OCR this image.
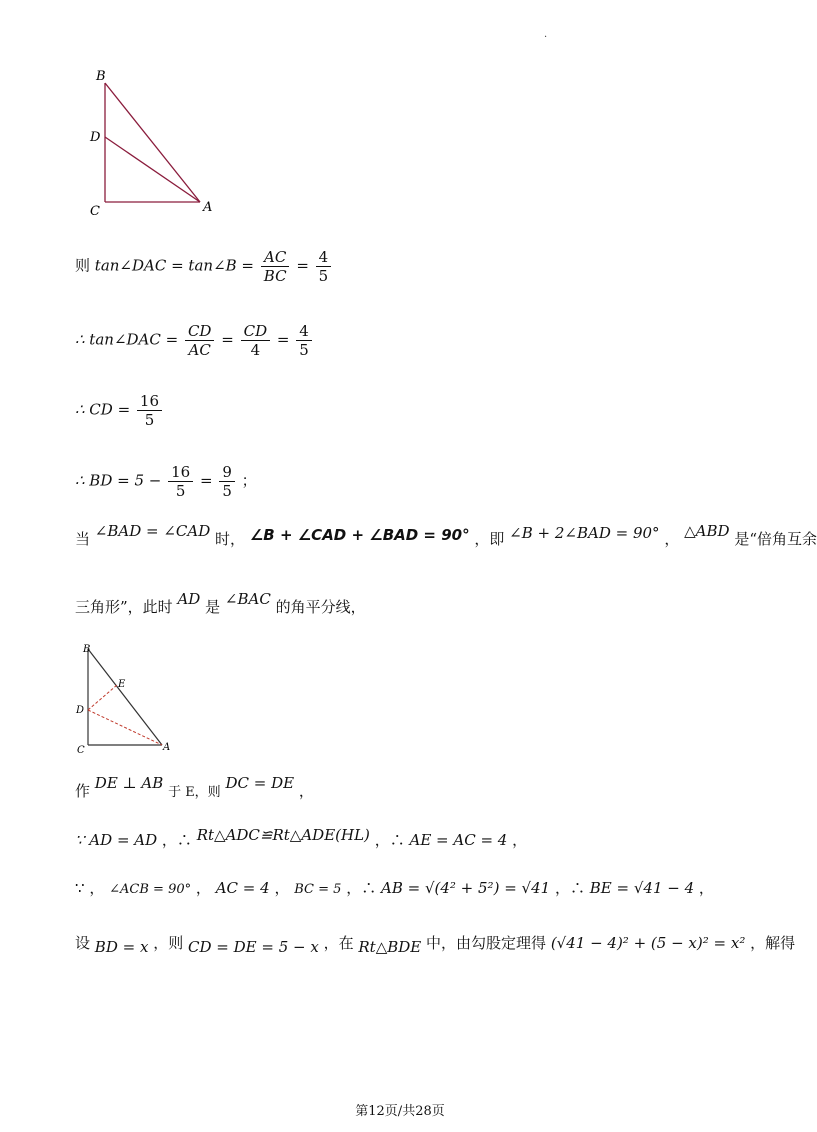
·
B
D
C	A
则 tan∠DAC = tan∠B = $\frac{AC}{BC} = \frac{4}{5}$
∴ tan∠DAC = $\frac{CD}{AC} = \frac{CD}{4} = \frac{4}{5}$
∴ CD = $\frac{16}{5}$
∴ BD = $5 - \frac{16}{5} = \frac{9}{5}$ ；
当 ∠BAD = ∠CAD 时， ∠B + ∠CAD + ∠BAD = 90° ，即 ∠B + 2∠BAD = 90° ， △ABD 是“倍角互余
三角形”，此时 AD 是 ∠BAC 的角平分线，
B
E
D
C	A
作 DE ⊥ AB 于 E，则 DC = DE ，
∵ AD = AD ，∴ Rt△ADC≌Rt△ADE(HL) ，∴ AE = AC = 4 ，
∵ ， ∠ACB = 90° ， AC = 4 ， BC = 5 ，∴ AB = √(4² + 5²) = √41 ，∴ BE = √41 − 4 ，
设 BD = x ，则 CD = DE = 5 − x ，在 Rt△BDE 中，由勾股定理得 (√41 − 4)² + (5 − x)² = x² ，解得
第12页/共28页
